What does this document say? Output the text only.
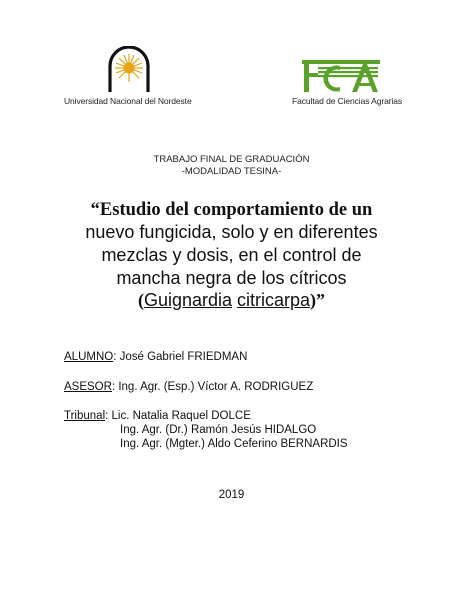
Universidad Nacional del Nordeste	Facultad de Ciencias Agrarias
TRABAJO FINAL DE GRADUACIÓN
-MODALIDAD TESINA-
“Estudio del comportamiento de un
nuevo fungicida, solo y en diferentes
mezclas y dosis, en el control de
mancha negra de los cítricos
(Guignardia citricarpa)”
ALUMNO: José Gabriel FRIEDMAN
ASESOR: Ing. Agr. (Esp.) Víctor A. RODRIGUEZ
Tribunal: Lic. Natalia Raquel DOLCE
Ing. Agr. (Dr.) Ramón Jesús HIDALGO
Ing. Agr. (Mgter.) Aldo Ceferino BERNARDIS
2019
